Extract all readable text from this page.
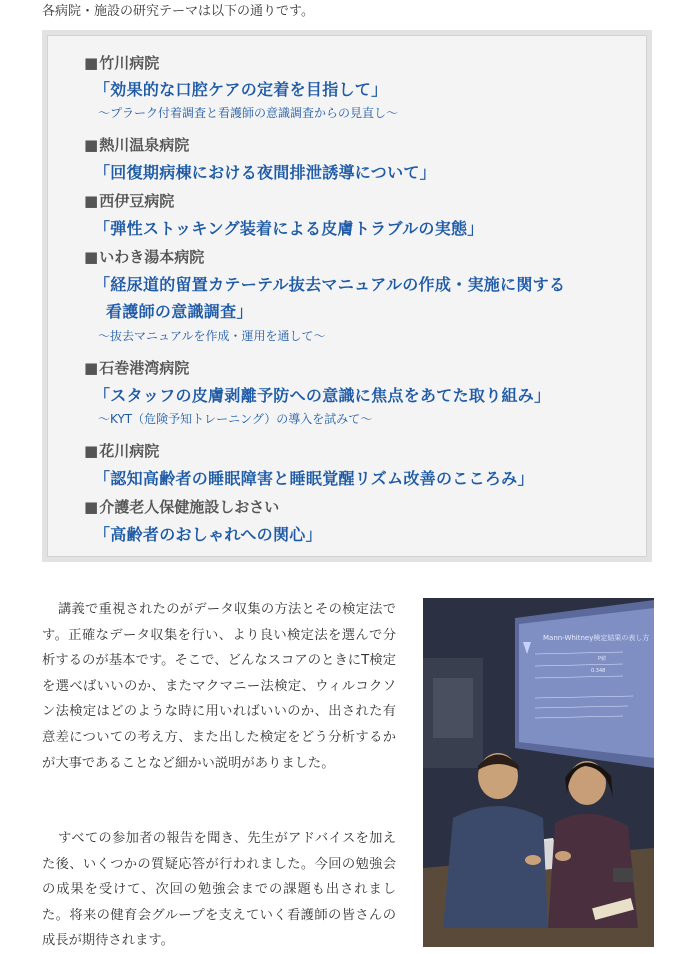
各病院・施設の研究テーマは以下の通りです。

■竹川病院
「効果的な口腔ケアの定着を目指して」
〜プラーク付着調査と看護師の意識調査からの見直し〜
■熱川温泉病院
「回復期病棟における夜間排泄誘導について」
■西伊豆病院
「弾性ストッキング装着による皮膚トラブルの実態」
■いわき湯本病院
「経尿道的留置カテーテル抜去マニュアルの作成・実施に関する
看護師の意識調査」
〜抜去マニュアルを作成・運用を通して〜
■石巻港湾病院
「スタッフの皮膚剥離予防への意識に焦点をあてた取り組み」
〜KYT（危険予知トレーニング）の導入を試みて〜
■花川病院
「認知高齢者の睡眠障害と睡眠覚醒リズム改善のこころみ」
■介護老人保健施設しおさい
「高齢者のおしゃれへの関心」

講義で重視されたのがデータ収集の方法とその検定法です。正確なデータ収集を行い、より良い検定法を選んで分析するのが基本です。そこで、どんなスコアのときにT検定を選べばいいのか、またマクマニー法検定、ウィルコクソン法検定はどのような時に用いればいいのか、出された有意差についての考え方、また出した検定をどう分析するかが大事であることなど細かい説明がありました。

すべての参加者の報告を聞き、先生がアドバイスを加えた後、いくつかの質疑応答が行われました。今回の勉強会の成果を受けて、次回の勉強会までの課題も出されました。将来の健育会グループを支えていく看護師の皆さんの成長が期待されます。

Mann-Whitney検定結果の表し方
P値
0.348
